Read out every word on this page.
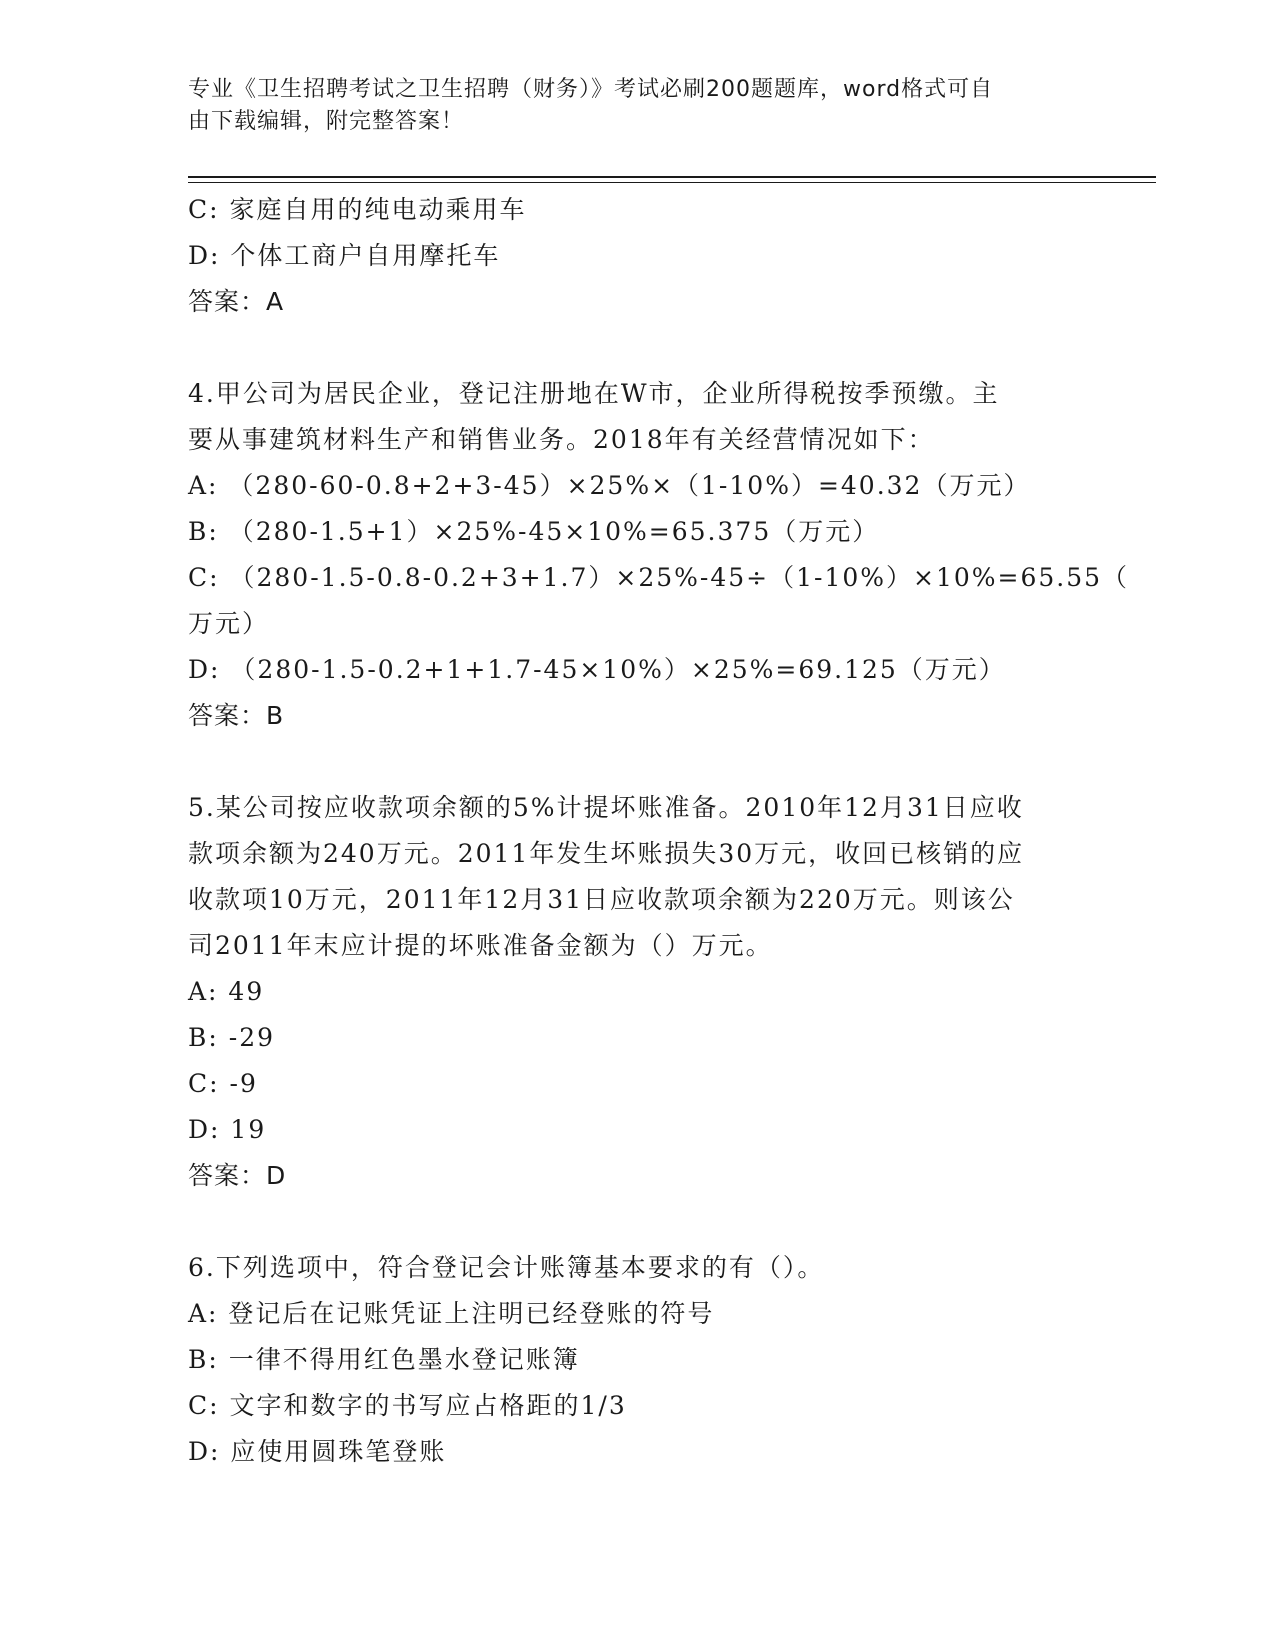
专业《卫生招聘考试之卫生招聘（财务）》考试必刷200题题库，word格式可自
由下载编辑，附完整答案！
C: 家庭自用的纯电动乘用车
D: 个体工商户自用摩托车
答案：A
4.甲公司为居民企业，登记注册地在W市，企业所得税按季预缴。主
要从事建筑材料生产和销售业务。2018年有关经营情况如下：
A: （280-60-0.8+2+3-45）×25%×（1-10%）=40.32（万元）
B: （280-1.5+1）×25%-45×10%=65.375（万元）
C: （280-1.5-0.8-0.2+3+1.7）×25%-45÷（1-10%）×10%=65.55（
万元）
D: （280-1.5-0.2+1+1.7-45×10%）×25%=69.125（万元）
答案：B
5.某公司按应收款项余额的5%计提坏账准备。2010年12月31日应收
款项余额为240万元。2011年发生坏账损失30万元，收回已核销的应
收款项10万元，2011年12月31日应收款项余额为220万元。则该公
司2011年末应计提的坏账准备金额为（）万元。
A: 49
B: -29
C: -9
D: 19
答案：D
6.下列选项中，符合登记会计账簿基本要求的有（）。
A: 登记后在记账凭证上注明已经登账的符号
B: 一律不得用红色墨水登记账簿
C: 文字和数字的书写应占格距的1/3
D: 应使用圆珠笔登账
